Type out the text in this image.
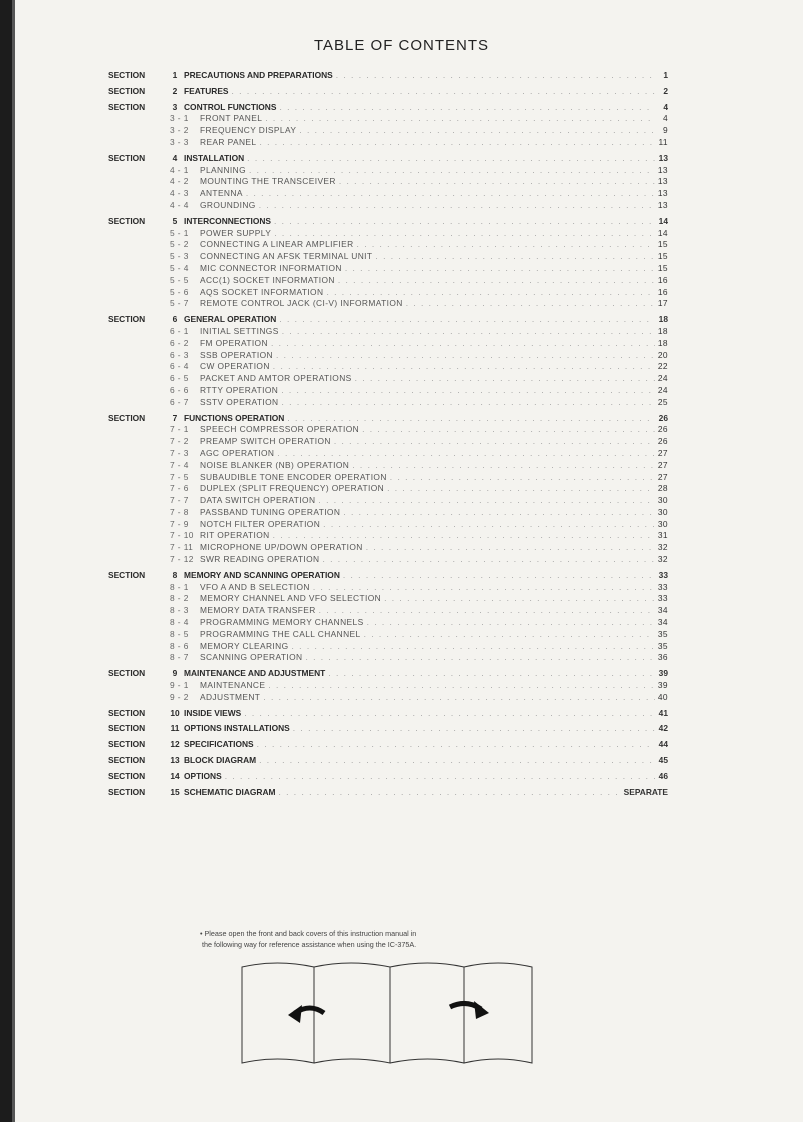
TABLE OF CONTENTS
SECTION	1 PRECAUTIONS AND PREPARATIONS . . .	1
SECTION	2 FEATURES . . .	2
SECTION	3 CONTROL FUNCTIONS . . .	4
3 - 1	FRONT PANEL . . .	4
3 - 2	FREQUENCY DISPLAY . . .	9
3 - 3	REAR PANEL . . .	11
SECTION	4 INSTALLATION . . .	13
4 - 1	PLANNING . . .	13
4 - 2	MOUNTING THE TRANSCEIVER . . .	13
4 - 3	ANTENNA . . .	13
4 - 4	GROUNDING . . .	13
SECTION	5 INTERCONNECTIONS . . .	14
5 - 1	POWER SUPPLY . . .	14
5 - 2	CONNECTING A LINEAR AMPLIFIER . . .	15
5 - 3	CONNECTING AN AFSK TERMINAL UNIT . . .	15
5 - 4	MIC CONNECTOR INFORMATION . . .	15
5 - 5	ACC(1) SOCKET INFORMATION . . .	16
5 - 6	AQS SOCKET INFORMATION . . .	16
5 - 7	REMOTE CONTROL JACK (CI-V) INFORMATION . . .	17
SECTION	6 GENERAL OPERATION . . .	18
6 - 1	INITIAL SETTINGS . . .	18
6 - 2	FM OPERATION . . .	18
6 - 3	SSB OPERATION . . .	20
6 - 4	CW OPERATION . . .	22
6 - 5	PACKET AND AMTOR OPERATIONS . . .	24
6 - 6	RTTY OPERATION . . .	24
6 - 7	SSTV OPERATION . . .	25
SECTION	7 FUNCTIONS OPERATION . . .	26
7 - 1	SPEECH COMPRESSOR OPERATION . . .	26
7 - 2	PREAMP SWITCH OPERATION . . .	26
7 - 3	AGC OPERATION . . .	27
7 - 4	NOISE BLANKER (NB) OPERATION . . .	27
7 - 5	SUBAUDIBLE TONE ENCODER OPERATION . . .	27
7 - 6	DUPLEX (SPLIT FREQUENCY) OPERATION . . .	28
7 - 7	DATA SWITCH OPERATION . . .	30
7 - 8	PASSBAND TUNING OPERATION . . .	30
7 - 9	NOTCH FILTER OPERATION . . .	30
7 - 10 RIT OPERATION . . .	31
7 - 11 MICROPHONE UP/DOWN OPERATION . . .	32
7 - 12 SWR READING OPERATION . . .	32
SECTION	8 MEMORY AND SCANNING OPERATION . . .	33
8 - 1	VFO A AND B SELECTION . . .	33
8 - 2	MEMORY CHANNEL AND VFO SELECTION . . .	33
8 - 3	MEMORY DATA TRANSFER . . .	34
8 - 4	PROGRAMMING MEMORY CHANNELS . . .	34
8 - 5	PROGRAMMING THE CALL CHANNEL . . .	35
8 - 6	MEMORY CLEARING . . .	35
8 - 7	SCANNING OPERATION . . .	36
SECTION	9 MAINTENANCE AND ADJUSTMENT . . .	39
9 - 1	MAINTENANCE . . .	39
9 - 2	ADJUSTMENT . . .	40
SECTION	10 INSIDE VIEWS . . .	41
SECTION	11 OPTIONS INSTALLATIONS . . .	42
SECTION	12 SPECIFICATIONS . . .	44
SECTION	13 BLOCK DIAGRAM . . .	45
SECTION	14 OPTIONS . . .	46
SECTION	15 SCHEMATIC DIAGRAM . . .	SEPARATE
• Please open the front and back covers of this instruction manual in
the following way for reference assistance when using the IC-375A.
